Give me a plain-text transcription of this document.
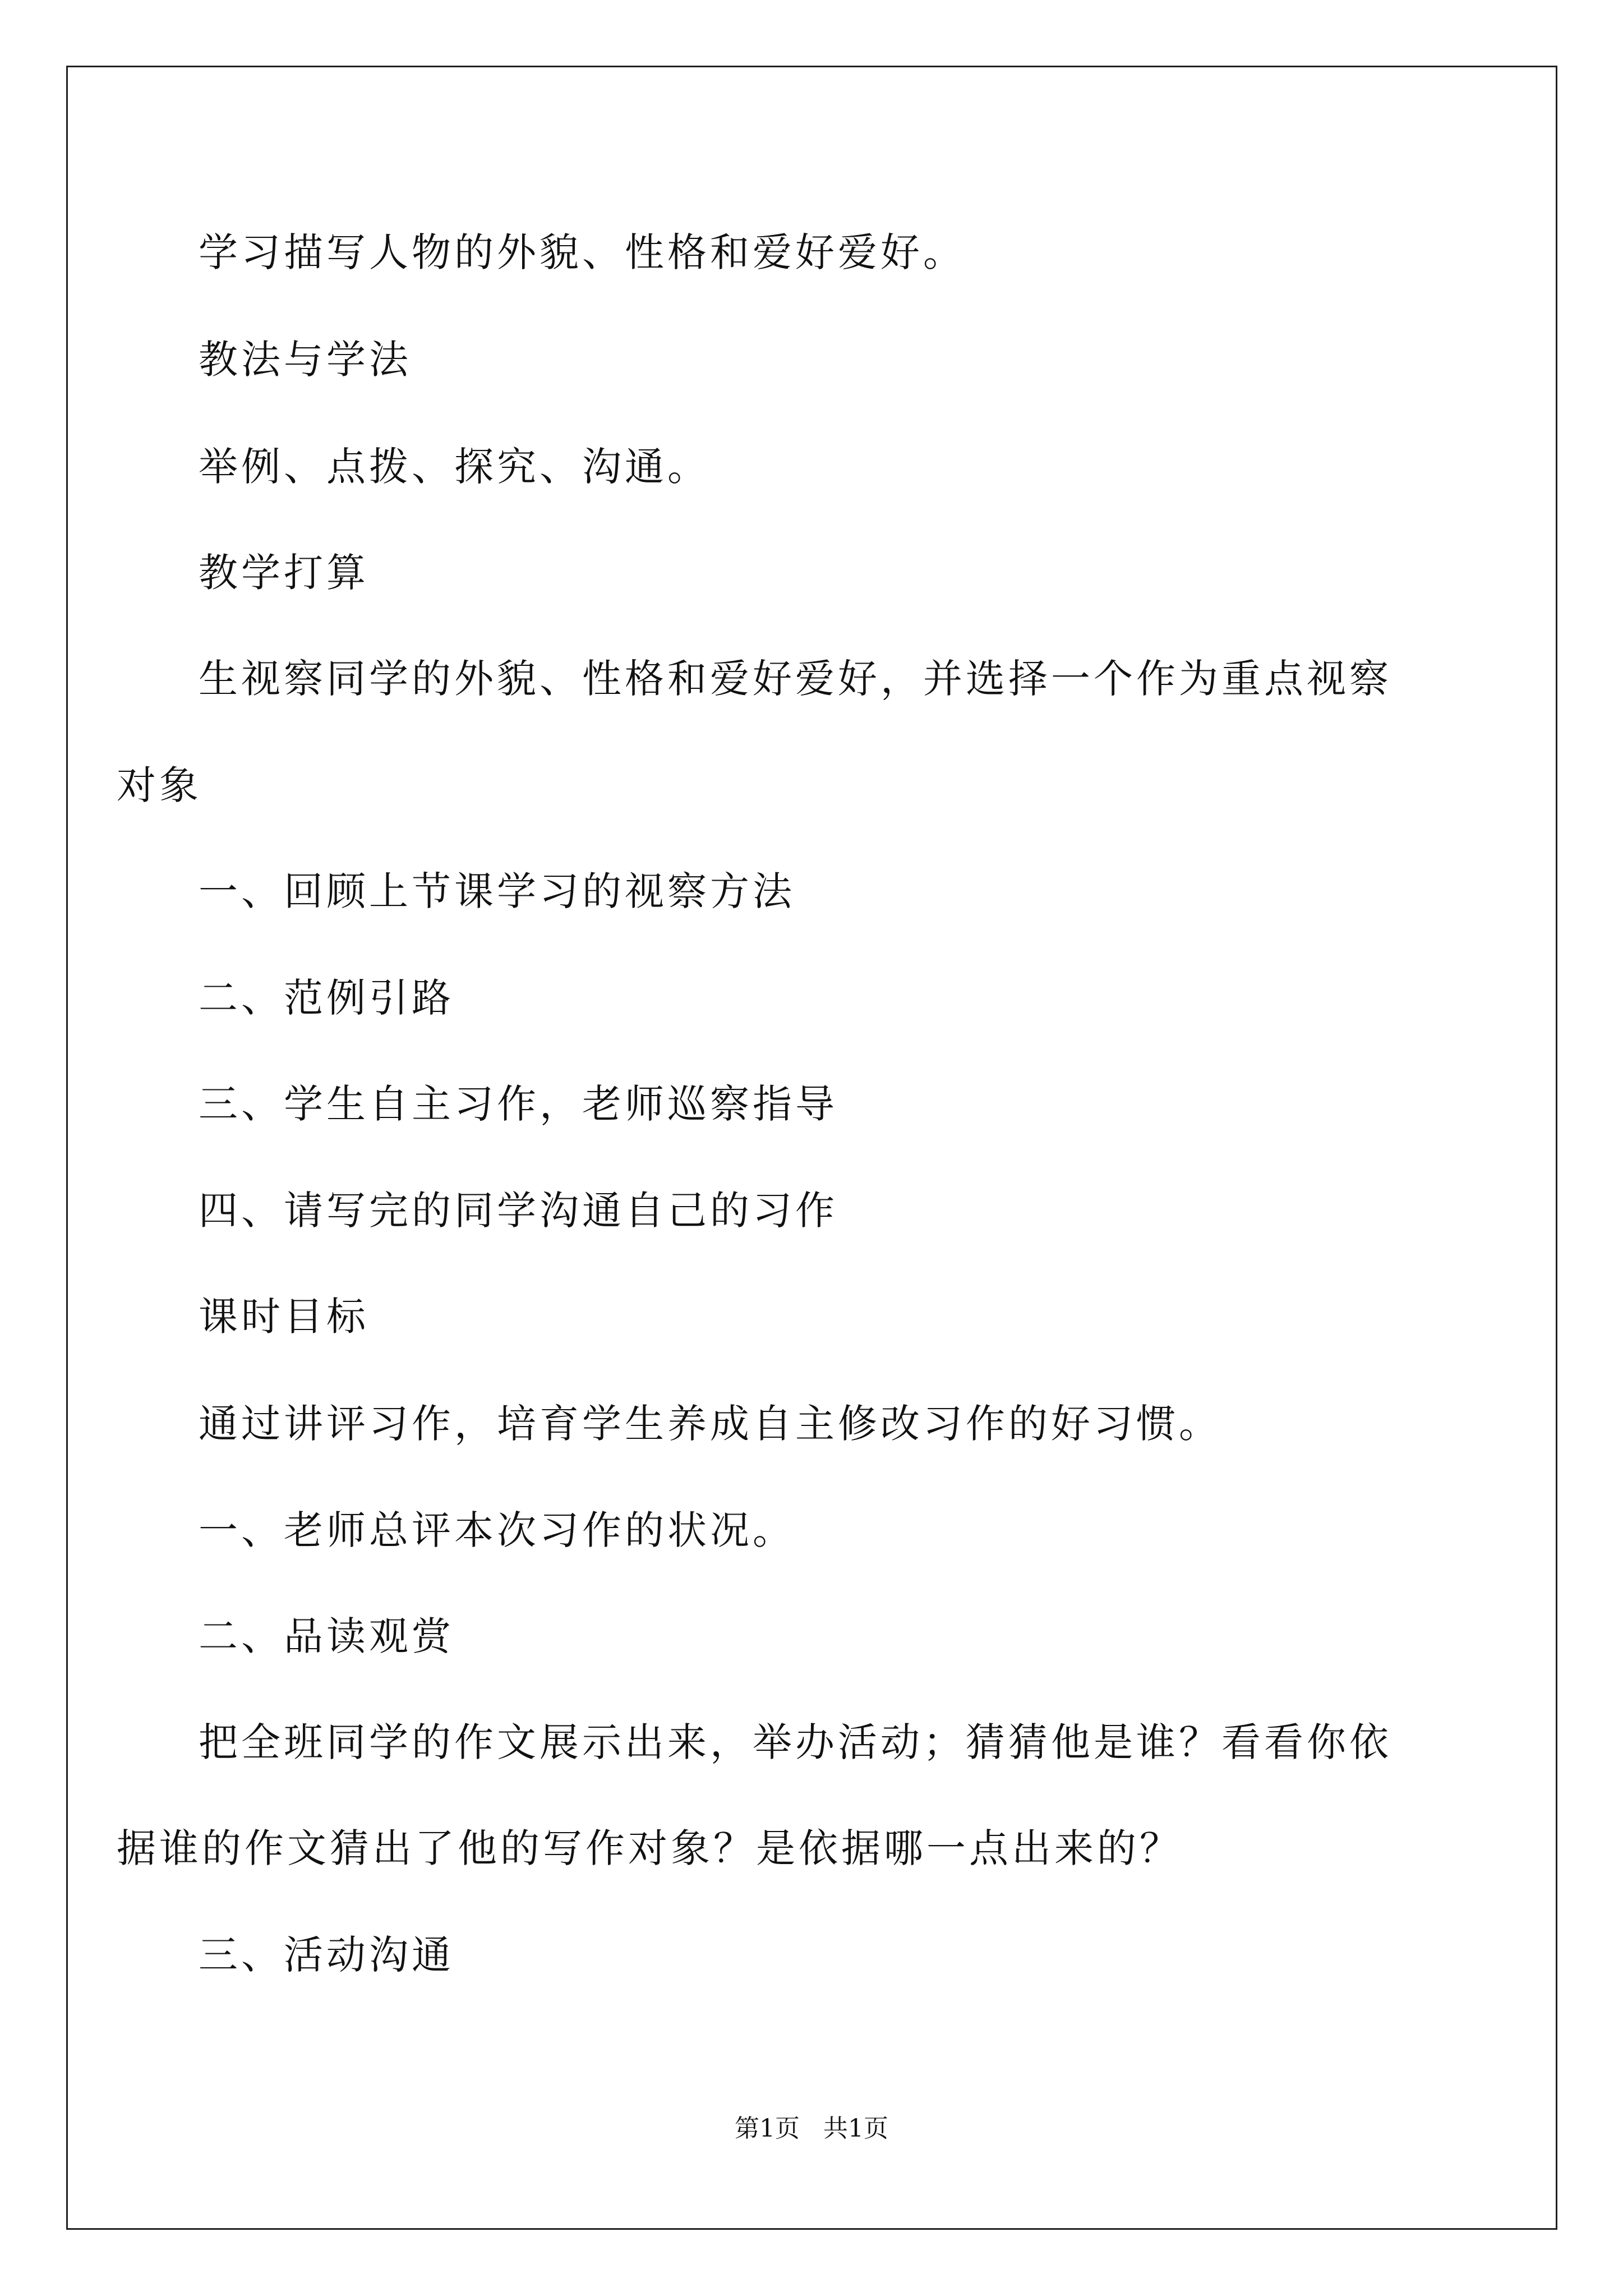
学习描写人物的外貌、性格和爱好爱好。

教法与学法

举例、点拨、探究、沟通。

教学打算

生视察同学的外貌、性格和爱好爱好，并选择一个作为重点视察

对象

一、回顾上节课学习的视察方法

二、范例引路

三、学生自主习作，老师巡察指导

四、请写完的同学沟通自己的习作

课时目标

通过讲评习作，培育学生养成自主修改习作的好习惯。

一、老师总评本次习作的状况。

二、品读观赏

把全班同学的作文展示出来，举办活动；猜猜他是谁？看看你依

据谁的作文猜出了他的写作对象？是依据哪一点出来的？

三、活动沟通

第1页 共1页
